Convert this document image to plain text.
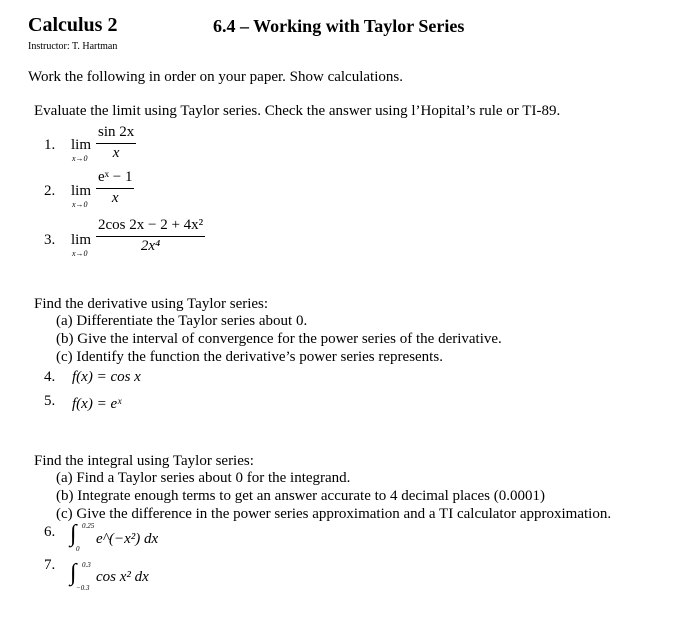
Calculus 2
Instructor: T. Hartman
6.4 – Working with Taylor Series
Work the following in order on your paper. Show calculations.
Evaluate the limit using Taylor series. Check the answer using l’Hopital’s rule or TI-89.
1. lim
x→0
sin 2x
x
2. lim
x→0
eˣ − 1
x
3. lim
x→0
2cos 2x − 2 + 4x²
2x⁴
Find the derivative using Taylor series:
(a) Differentiate the Taylor series about 0.
(b) Give the interval of convergence for the power series of the derivative.
(c) Identify the function the derivative’s power series represents.
4. f(x) = cos x
5. f(x) = eˣ
Find the integral using Taylor series:
(a) Find a Taylor series about 0 for the integrand.
(b) Integrate enough terms to get an answer accurate to 4 decimal places (0.0001)
(c) Give the difference in the power series approximation and a TI calculator approximation.
6. ∫ 0.25
0
e^(−x²) dx
7. ∫ 0.3
−0.3
cos x² dx
